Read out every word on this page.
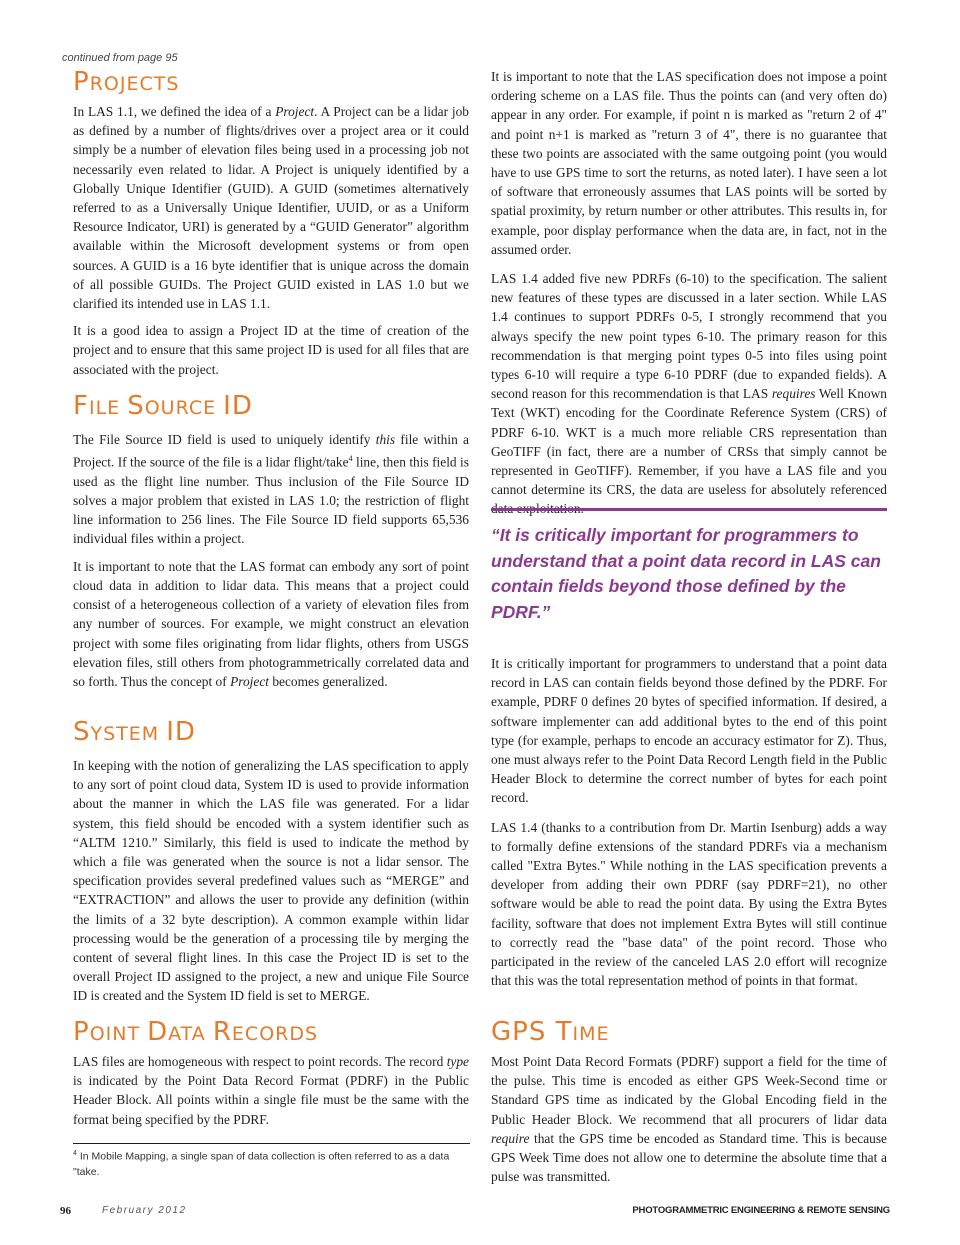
continued from page 95
PROJECTS

In LAS 1.1, we defined the idea of a Project. A Project can be a lidar job as defined by a number of flights/drives over a project area or it could simply be a number of elevation files being used in a processing job not necessarily even related to lidar. A Project is uniquely identified by a Globally Unique Identifier (GUID). A GUID (sometimes alternatively referred to as a Universally Unique Identifier, UUID, or as a Uniform Resource Indicator, URI) is generated by a “GUID Generator” algorithm available within the Microsoft development systems or from open sources. A GUID is a 16 byte identifier that is unique across the domain of all possible GUIDs. The Project GUID existed in LAS 1.0 but we clarified its intended use in LAS 1.1.

It is a good idea to assign a Project ID at the time of creation of the project and to ensure that this same project ID is used for all files that are associated with the project.

FILE SOURCE ID

The File Source ID field is used to uniquely identify this file within a Project. If the source of the file is a lidar flight/take$^4$ line, then this field is used as the flight line number. Thus inclusion of the File Source ID solves a major problem that existed in LAS 1.0; the restriction of flight line information to 256 lines. The File Source ID field supports 65,536 individual files within a project.

It is important to note that the LAS format can embody any sort of point cloud data in addition to lidar data. This means that a project could consist of a heterogeneous collection of a variety of elevation files from any number of sources. For example, we might construct an elevation project with some files originating from lidar flights, others from USGS elevation files, still others from photogrammetrically correlated data and so forth. Thus the concept of Project becomes generalized.

SYSTEM ID

In keeping with the notion of generalizing the LAS specification to apply to any sort of point cloud data, System ID is used to provide information about the manner in which the LAS file was generated. For a lidar system, this field should be encoded with a system identifier such as “ALTM 1210.” Similarly, this field is used to indicate the method by which a file was generated when the source is not a lidar sensor. The specification provides several predefined values such as “MERGE” and “EXTRACTION” and allows the user to provide any definition (within the limits of a 32 byte description). A common example within lidar processing would be the generation of a processing tile by merging the content of several flight lines. In this case the Project ID is set to the overall Project ID assigned to the project, a new and unique File Source ID is created and the System ID field is set to MERGE.

POINT DATA RECORDS

LAS files are homogeneous with respect to point records. The record type is indicated by the Point Data Record Format (PDRF) in the Public Header Block. All points within a single file must be the same with the format being specified by the PDRF.

$^4$ In Mobile Mapping, a single span of data collection is often referred to as a data "take.

It is important to note that the LAS specification does not impose a point ordering scheme on a LAS file. Thus the points can (and very often do) appear in any order. For example, if point n is marked as "return 2 of 4" and point n+1 is marked as "return 3 of 4", there is no guarantee that these two points are associated with the same outgoing point (you would have to use GPS time to sort the returns, as noted later). I have seen a lot of software that erroneously assumes that LAS points will be sorted by spatial proximity, by return number or other attributes. This results in, for example, poor display performance when the data are, in fact, not in the assumed order.

LAS 1.4 added five new PDRFs (6-10) to the specification. The salient new features of these types are discussed in a later section. While LAS 1.4 continues to support PDRFs 0-5, I strongly recommend that you always specify the new point types 6-10. The primary reason for this recommendation is that merging point types 0-5 into files using point types 6-10 will require a type 6-10 PDRF (due to expanded fields). A second reason for this recommendation is that LAS requires Well Known Text (WKT) encoding for the Coordinate Reference System (CRS) of PDRF 6-10. WKT is a much more reliable CRS representation than GeoTIFF (in fact, there are a number of CRSs that simply cannot be represented in GeoTIFF). Remember, if you have a LAS file and you cannot determine its CRS, the data are useless for absolutely referenced data exploitation.

“It is critically important for programmers to understand that a point data record in LAS can contain fields beyond those defined by the PDRF.”

It is critically important for programmers to understand that a point data record in LAS can contain fields beyond those defined by the PDRF. For example, PDRF 0 defines 20 bytes of specified information. If desired, a software implementer can add additional bytes to the end of this point type (for example, perhaps to encode an accuracy estimator for Z). Thus, one must always refer to the Point Data Record Length field in the Public Header Block to determine the correct number of bytes for each point record.

LAS 1.4 (thanks to a contribution from Dr. Martin Isenburg) adds a way to formally define extensions of the standard PDRFs via a mechanism called "Extra Bytes." While nothing in the LAS specification prevents a developer from adding their own PDRF (say PDRF=21), no other software would be able to read the point data. By using the Extra Bytes facility, software that does not implement Extra Bytes will still continue to correctly read the "base data" of the point record. Those who participated in the review of the canceled LAS 2.0 effort will recognize that this was the total representation method of points in that format.

GPS TIME

Most Point Data Record Formats (PDRF) support a field for the time of the pulse. This time is encoded as either GPS Week-Second time or Standard GPS time as indicated by the Global Encoding field in the Public Header Block. We recommend that all procurers of lidar data require that the GPS time be encoded as Standard time. This is because GPS Week Time does not allow one to determine the absolute time that a pulse was transmitted.

96	February 2012	PHOTOGRAMMETRIC ENGINEERING & REMOTE SENSING
